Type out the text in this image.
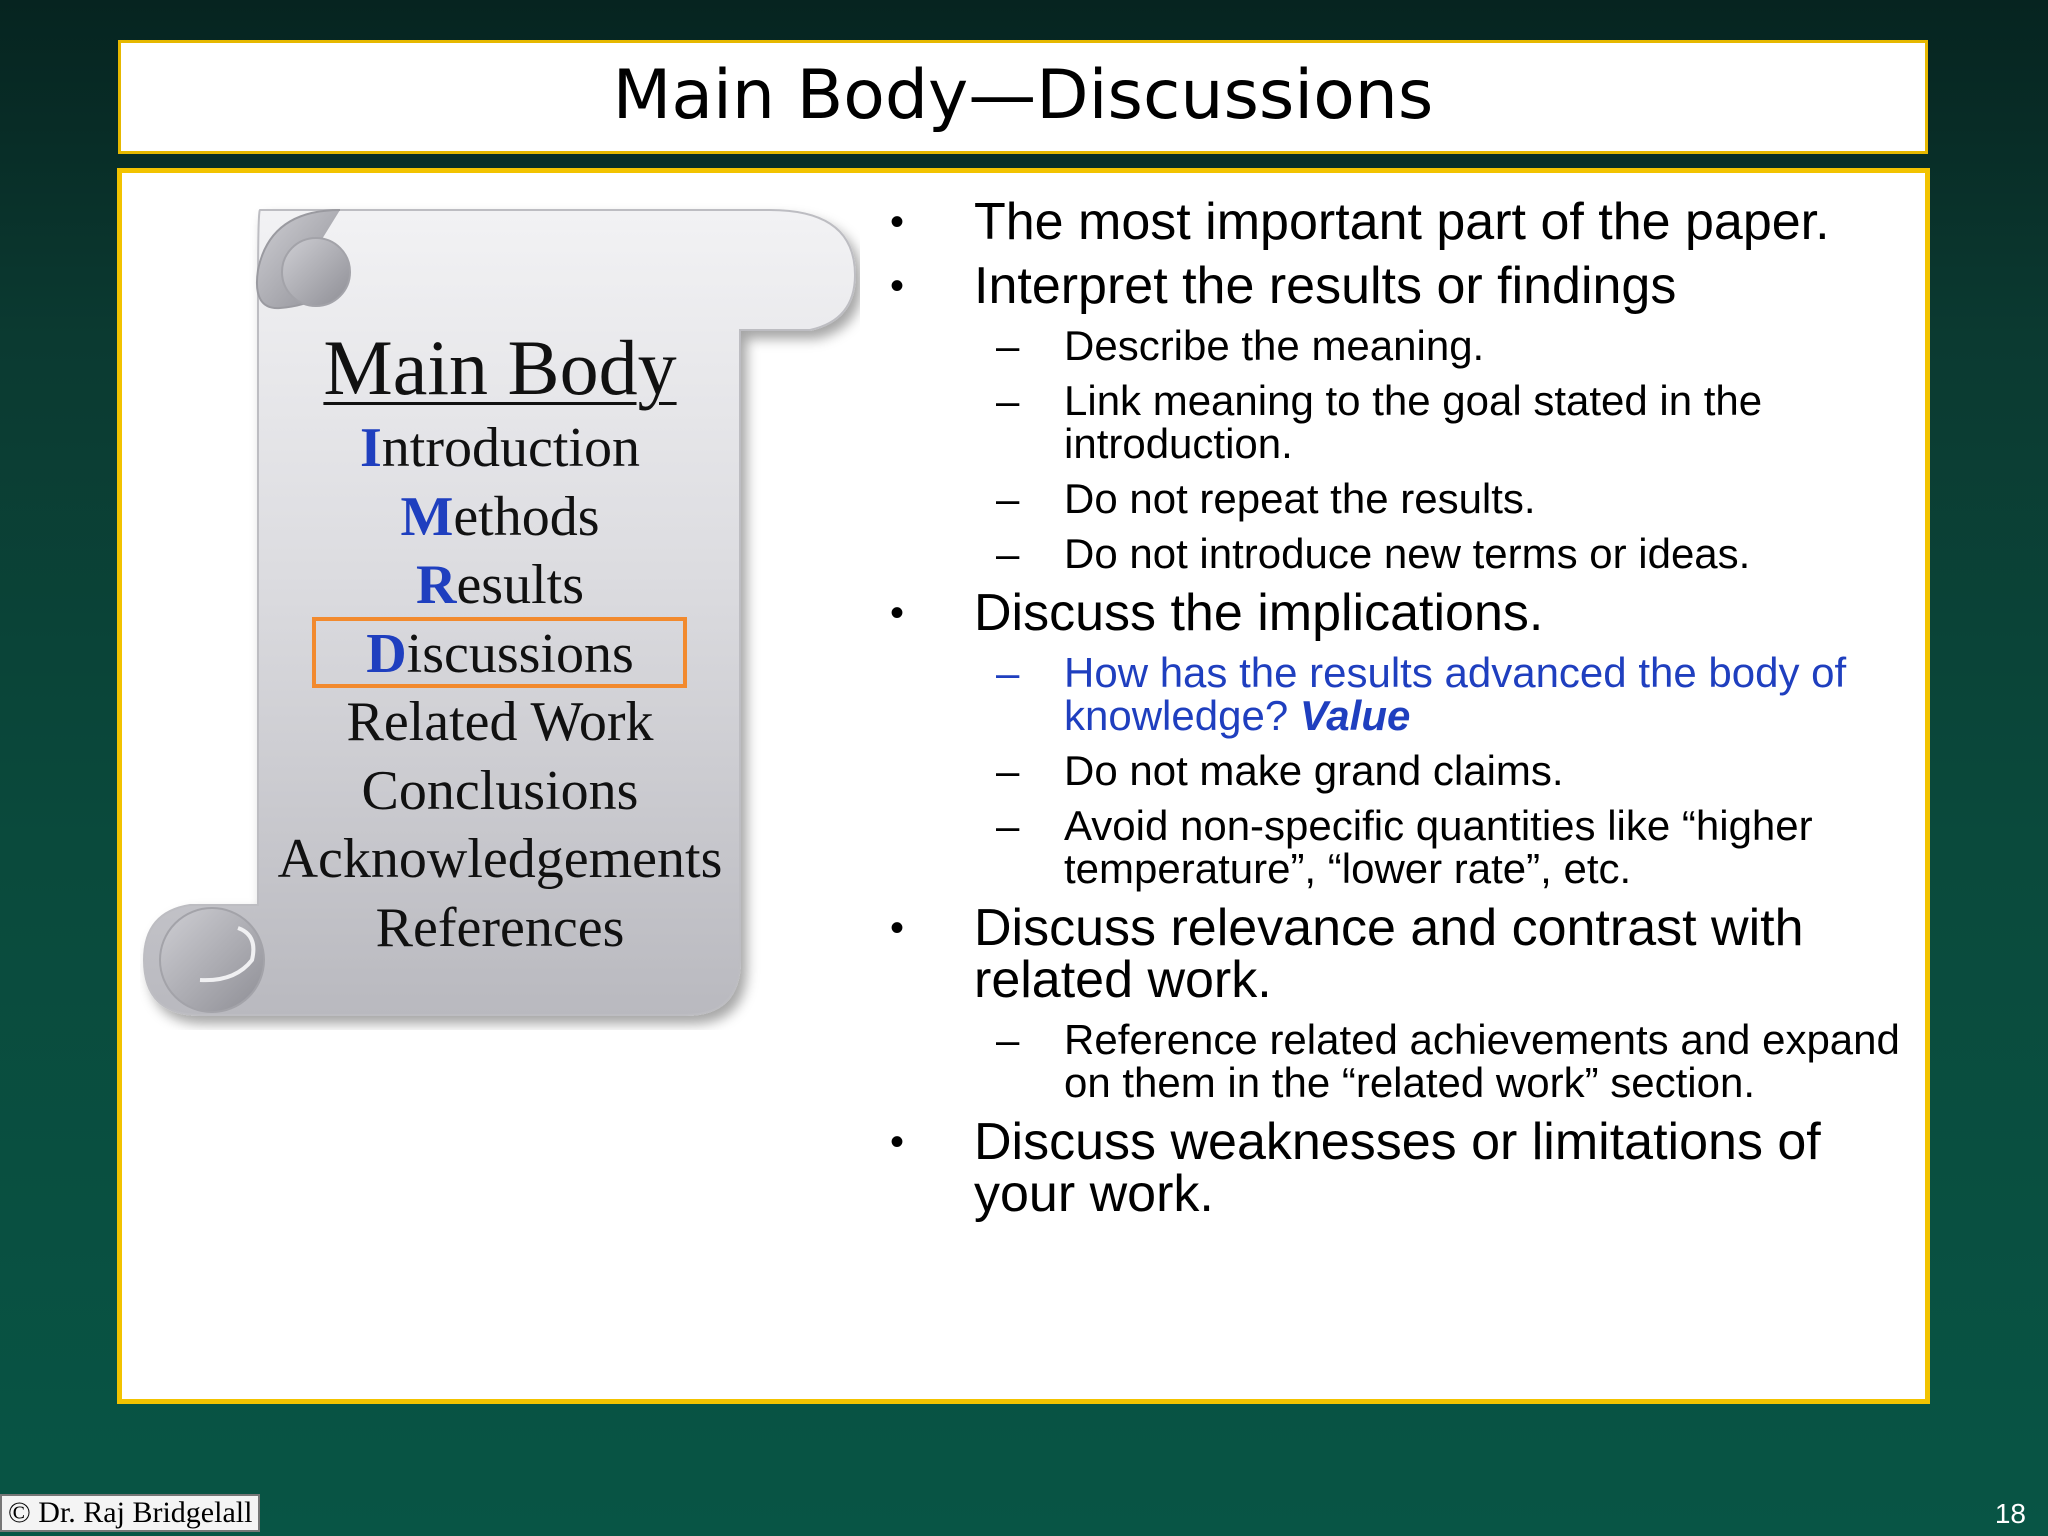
Main Body—Discussions
Main Body
Introduction
Methods
Results
Discussions
Related Work
Conclusions
Acknowledgements
References
•	The most important part of the paper.
•	Interpret the results or findings
– Describe the meaning.
– Link meaning to the goal stated in the introduction.
– Do not repeat the results.
– Do not introduce new terms or ideas.
•	Discuss the implications.
– How has the results advanced the body of knowledge? Value
– Do not make grand claims.
– Avoid non-specific quantities like “higher temperature”, “lower rate”, etc.
•	Discuss relevance and contrast with related work.
– Reference related achievements and expand on them in the “related work” section.
•	Discuss weaknesses or limitations of your work.
© Dr. Raj Bridgelall	18
